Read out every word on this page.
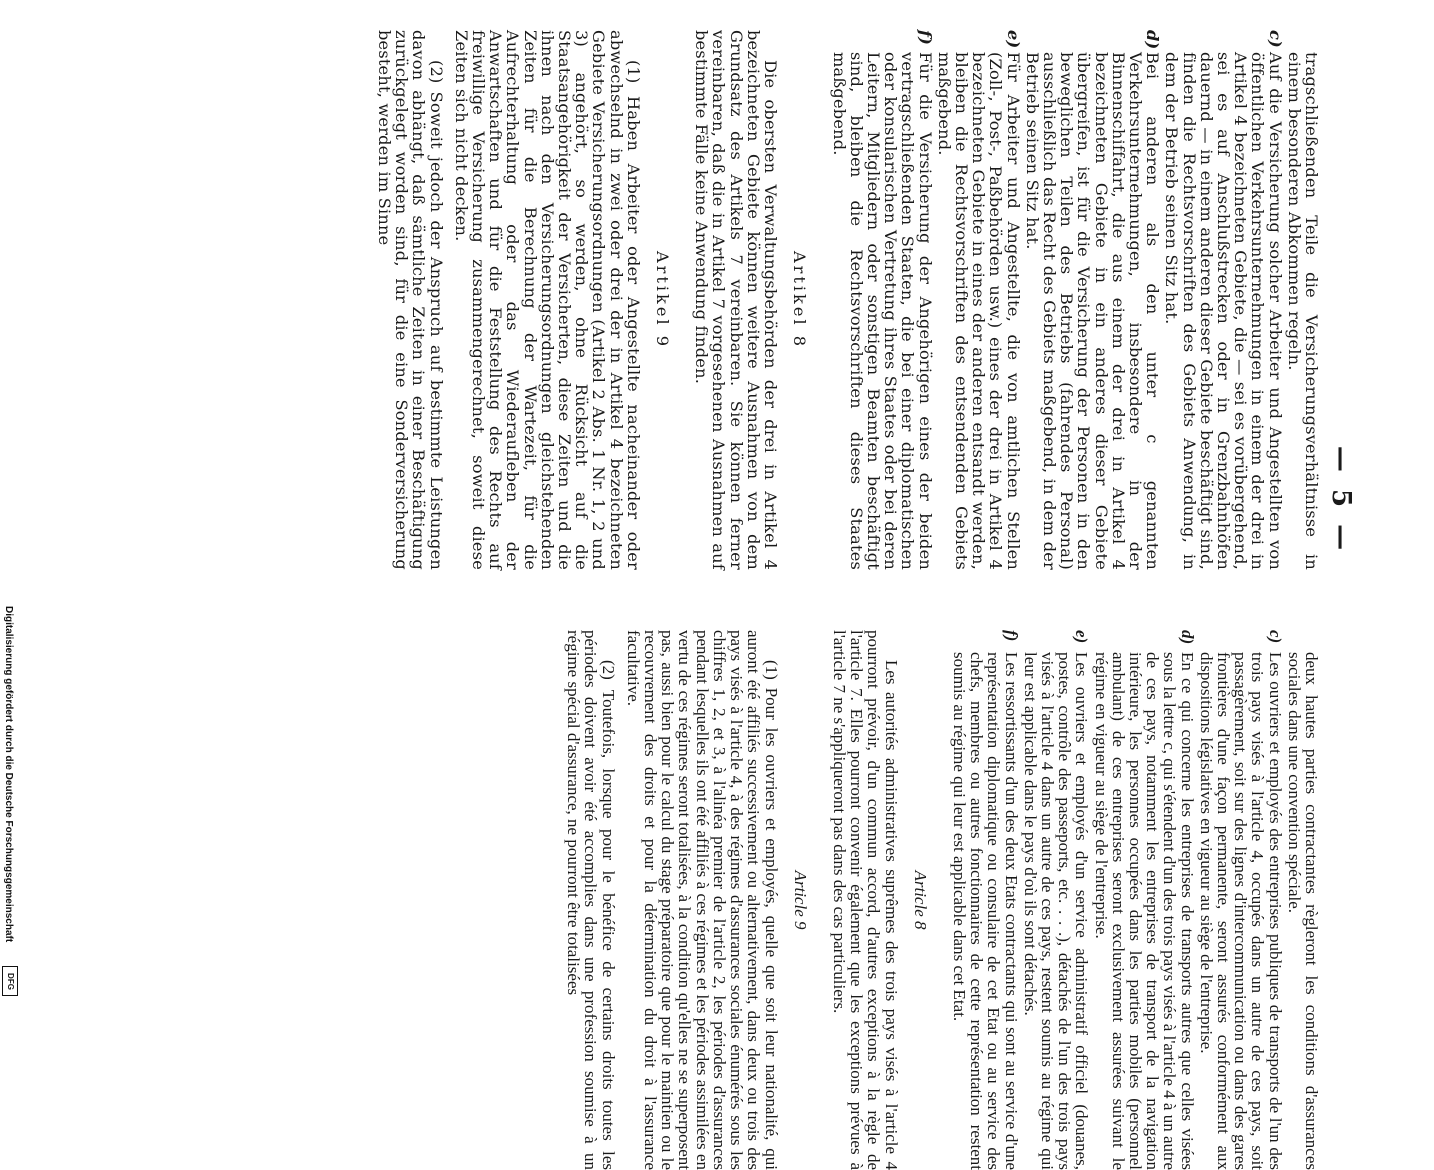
Digitalisierung gefördert durch die Deutsche Forschungsgemeinschaft
DFG
— 5 —

tragschließenden Teile die Versicherungsverhältnisse in einem besonderen Abkommen regeln.

c)Auf die Versicherung solcher Arbeiter und Angestellten von öffentlichen Verkehrsunternehmungen in einem der drei in Artikel 4 bezeichneten Gebiete, die — sei es vorübergehend, sei es auf Anschlußstrecken oder in Grenzbahnhöfen dauernd — in einem anderen dieser Gebiete beschäftigt sind, finden die Rechtsvorschriften des Gebiets Anwendung, in dem der Betrieb seinen Sitz hat.

d)Bei anderen als den unter c genannten Verkehrsunternehmungen, insbesondere in der Binnenschiffahrt, die aus einem der drei in Artikel 4 bezeichneten Gebiete in ein anderes dieser Gebiete übergreifen, ist für die Versicherung der Personen in den beweglichen Teilen des Betriebs (fahrendes Personal) ausschließlich das Recht des Gebiets maßgebend, in dem der Betrieb seinen Sitz hat.

e)Für Arbeiter und Angestellte, die von amtlichen Stellen (Zoll-, Post-, Paßbehörden usw.) eines der drei in Artikel 4 bezeichneten Gebiete in eines der anderen entsandt werden, bleiben die Rechtsvorschriften des entsendenden Gebiets maßgebend.

f)Für die Versicherung der Angehörigen eines der beiden vertragschließenden Staaten, die bei einer diplomatischen oder konsularischen Vertretung ihres Staates oder bei deren Leitern, Mitgliedern oder sonstigen Beamten beschäftigt sind, bleiben die Rechtsvorschriften dieses Staates maßgebend.

Artikel 8

Die obersten Verwaltungsbehörden der drei in Artikel 4 bezeichneten Gebiete können weitere Ausnahmen von dem Grundsatz des Artikels 7 vereinbaren. Sie können ferner vereinbaren, daß die in Artikel 7 vorgesehenen Ausnahmen auf bestimmte Fälle keine Anwendung finden.

Artikel 9

(1) Haben Arbeiter oder Angestellte nacheinander oder abwechselnd in zwei oder drei der in Artikel 4 bezeichneten Gebiete Versicherungsordnungen (Artikel 2 Abs. 1 Nr. 1, 2 und 3) angehört, so werden, ohne Rücksicht auf die Staatsangehörigkeit der Versicherten, diese Zeiten und die ihnen nach den Versicherungsordnungen gleichstehenden Zeiten für die Berechnung der Wartezeit, für die Aufrechterhaltung oder das Wiederaufleben der Anwartschaften und für die Feststellung des Rechts auf freiwillige Versicherung zusammengerechnet, soweit diese Zeiten sich nicht decken.

(2) Soweit jedoch der Anspruch auf bestimmte Leistungen davon abhängt, daß sämtliche Zeiten in einer Beschäftigung zurückgelegt worden sind, für die eine Sonderversicherung besteht, werden im Sinne

deux hautes parties contractantes règleront les conditions d'assurances sociales dans une convention spéciale.

c)Les ouvriers et employés des entreprises publiques de transports de l'un des trois pays visés à l'article 4, occupés dans un autre de ces pays, soit passagèrement, soit sur des lignes d'intercommunication ou dans des gares frontières d'une façon permanente, seront assurés conformément aux dispositions législatives en vigueur au siège de l'entreprise.

d)En ce qui concerne les entreprises de transports autres que celles visées sous la lettre c, qui s'étendent d'un des trois pays visés à l'article 4 à un autre de ces pays, notamment les entreprises de transport de la navigation intérieure, les personnes occupées dans les parties mobiles (personnel ambulant) de ces entreprises seront exclusivement assurées suivant le régime en vigueur au siège de l'entreprise.

e)Les ouvriers et employés d'un service administratif officiel (douanes, postes, contrôle des passeports, etc. . . .), détachés de l'un des trois pays visés à l'article 4 dans un autre de ces pays, restent soumis au régime qui leur est applicable dans le pays d'où ils sont détachés.

f)Les ressortissants d'un des deux Etats contractants qui sont au service d'une représentation diplomatique ou consulaire de cet Etat ou au service des chefs, membres ou autres fonctionnaires de cette représentation restent soumis au régime qui leur est applicable dans cet Etat.

Article 8

Les autorités administratives suprêmes des trois pays visés à l'article 4 pourront prévoir, d'un commun accord, d'autres exceptions à la règle de l'article 7. Elles pourront convenir également que les exceptions prévues à l'article 7 ne s'appliqueront pas dans des cas particuliers.

Article 9

(1) Pour les ouvriers et employés, quelle que soit leur nationalité, qui auront été affiliés successivement ou alternativement, dans deux ou trois des pays visés à l'article 4, à des régimes d'assurances sociales énumérés sous les chiffres 1, 2, et 3, à l'alinéa premier de l'article 2, les périodes d'assurances pendant lesquelles ils ont été affiliés à ces régimes et les périodes assimilées en vertu de ces régimes seront totalisées, à la condition qu'elles ne se superposent pas, aussi bien pour le calcul du stage préparatoire que pour le maintien ou le recouvrement des droits et pour la détermination du droit à l'assurance facultative.

(2) Toutefois, lorsque pour le bénéfice de certains droits toutes les périodes doivent avoir été accomplies dans une profession soumise à un régime spécial d'assurance, ne pourront être totalisées
